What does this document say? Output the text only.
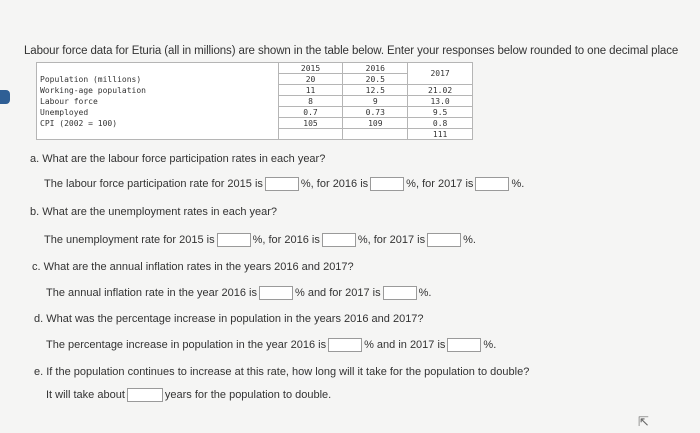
Labour force data for Eturia (all in millions) are shown in the table below. Enter your responses below rounded to one decimal place
	2015	2016	2017
Population (millions)	20	20.5	
Working-age population	11	12.5	21.02
Labour force	8	9	13.0
Unemployed	0.7	0.73	9.5
CPI (2002 = 100)	105	109	0.8
			111
a. What are the labour force participation rates in each year?
The labour force participation rate for 2015 is	%, for 2016 is	%, for 2017 is	%.
b. What are the unemployment rates in each year?
The unemployment rate for 2015 is	%, for 2016 is	%, for 2017 is	%.
c. What are the annual inflation rates in the years 2016 and 2017?
The annual inflation rate in the year 2016 is	% and for 2017 is	%.
d. What was the percentage increase in population in the years 2016 and 2017?
The percentage increase in population in the year 2016 is	% and in 2017 is	%.
e. If the population continues to increase at this rate, how long will it take for the population to double?
It will take about	years for the population to double.
⇱
